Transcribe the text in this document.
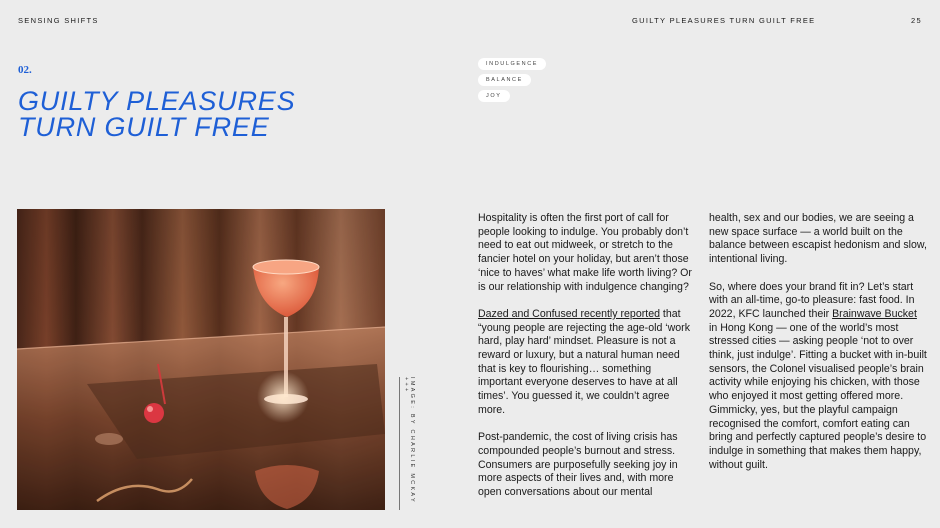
SENSING SHIFTS	GUILTY PLEASURES TURN GUILT FREE	25
02.
GUILTY PLEASURES
TURN GUILT FREE
INDULGENCE
BALANCE
JOY
IMAGE: BY CHARLIE MCKAY +++

Hospitality is often the first port of call for people looking to indulge. You probably don’t need to eat out midweek, or stretch to the fancier hotel on your holiday, but aren’t those ‘nice to haves’ what make life worth living? Or is our relationship with indulgence changing?

Dazed and Confused recently reported that “young people are rejecting the age-old ‘work hard, play hard’ mindset. Pleasure is not a reward or luxury, but a natural human need that is key to flourishing… something important everyone deserves to have at all times’. You guessed it, we couldn’t agree more.

Post-pandemic, the cost of living crisis has compounded people’s burnout and stress. Consumers are purposefully seeking joy in more aspects of their lives and, with more open conversations about our mental

health, sex and our bodies, we are seeing a new space surface — a world built on the balance between escapist hedonism and slow, intentional living.

So, where does your brand fit in? Let’s start with an all-time, go-to pleasure: fast food. In 2022, KFC launched their Brainwave Bucket in Hong Kong — one of the world’s most stressed cities — asking people ‘not to over think, just indulge’. Fitting a bucket with in-built sensors, the Colonel visualised people’s brain activity while enjoying his chicken, with those who enjoyed it most getting offered more. Gimmicky, yes, but the playful campaign recognised the comfort, comfort eating can bring and perfectly captured people’s desire to indulge in something that makes them happy, without guilt.
